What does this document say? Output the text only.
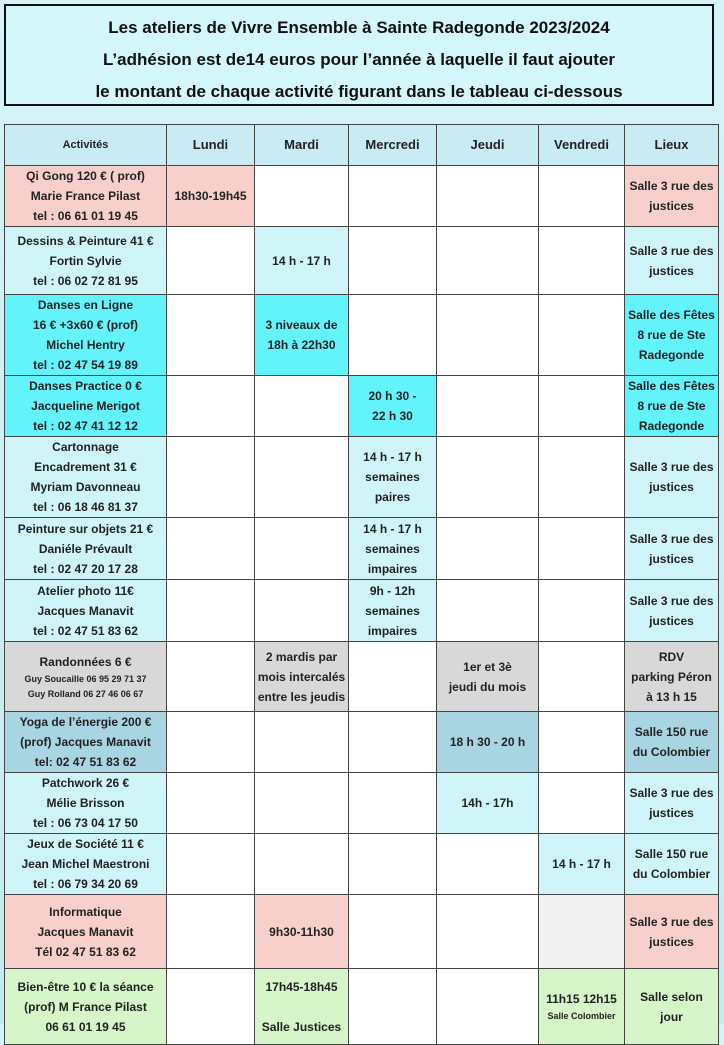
Les ateliers de Vivre Ensemble à Sainte Radegonde 2023/2024
L’adhésion est de14 euros pour l’année à laquelle il faut ajouter
le montant de chaque activité figurant dans le tableau ci-dessous
Activités	Lundi	Mardi	Mercredi	Jeudi	Vendredi	Lieux

Qi Gong 120 € ( prof)
Marie France Pilast
tel : 06 61 01 19 45	18h30-19h45					Salle 3 rue des
justices

Dessins & Peinture 41 €
Fortin Sylvie
tel : 06 02 72 81 95		14 h - 17 h				Salle 3 rue des
justices

Danses en Ligne
16 € +3x60 € (prof)
Michel Hentry
tel : 02 47 54 19 89		3 niveaux de
18h à 22h30				Salle des Fêtes
8 rue de Ste
Radegonde

Danses Practice 0 €
Jacqueline Merigot
tel : 02 47 41 12 12			20 h 30 -
22 h 30			Salle des Fêtes
8 rue de Ste
Radegonde

Cartonnage
Encadrement 31 €
Myriam Davonneau
tel : 06 18 46 81 37			14 h - 17 h
semaines
paires			Salle 3 rue des
justices

Peinture sur objets 21 €
Daniéle Prévault
tel : 02 47 20 17 28			14 h - 17 h
semaines
impaires			Salle 3 rue des
justices

Atelier photo 11€
Jacques Manavit
tel : 02 47 51 83 62			9h - 12h
semaines
impaires			Salle 3 rue des
justices

Randonnées 6 €
Guy Soucaille 06 95 29 71 37
Guy Rolland 06 27 46 06 67		2 mardis par
mois intercalés
entre les jeudis		1er et 3è
jeudi du mois		RDV
parking Péron
à 13 h 15

Yoga de l’énergie 200 €
(prof) Jacques Manavit
tel: 02 47 51 83 62				18 h 30 - 20 h		Salle 150 rue
du Colombier

Patchwork 26 €
Mélie Brisson
tel : 06 73 04 17 50				14h - 17h		Salle 3 rue des
justices

Jeux de Société 11 €
Jean Michel Maestroni
tel : 06 79 34 20 69					14 h - 17 h	Salle 150 rue
du Colombier

Informatique
Jacques Manavit
Tél 02 47 51 83 62		9h30-11h30				Salle 3 rue des
justices

Bien-être 10 € la séance
(prof) M France Pilast
06 61 01 19 45		17h45-18h45

Salle Justices			11h15 12h15
Salle Colombier	Salle selon
jour
